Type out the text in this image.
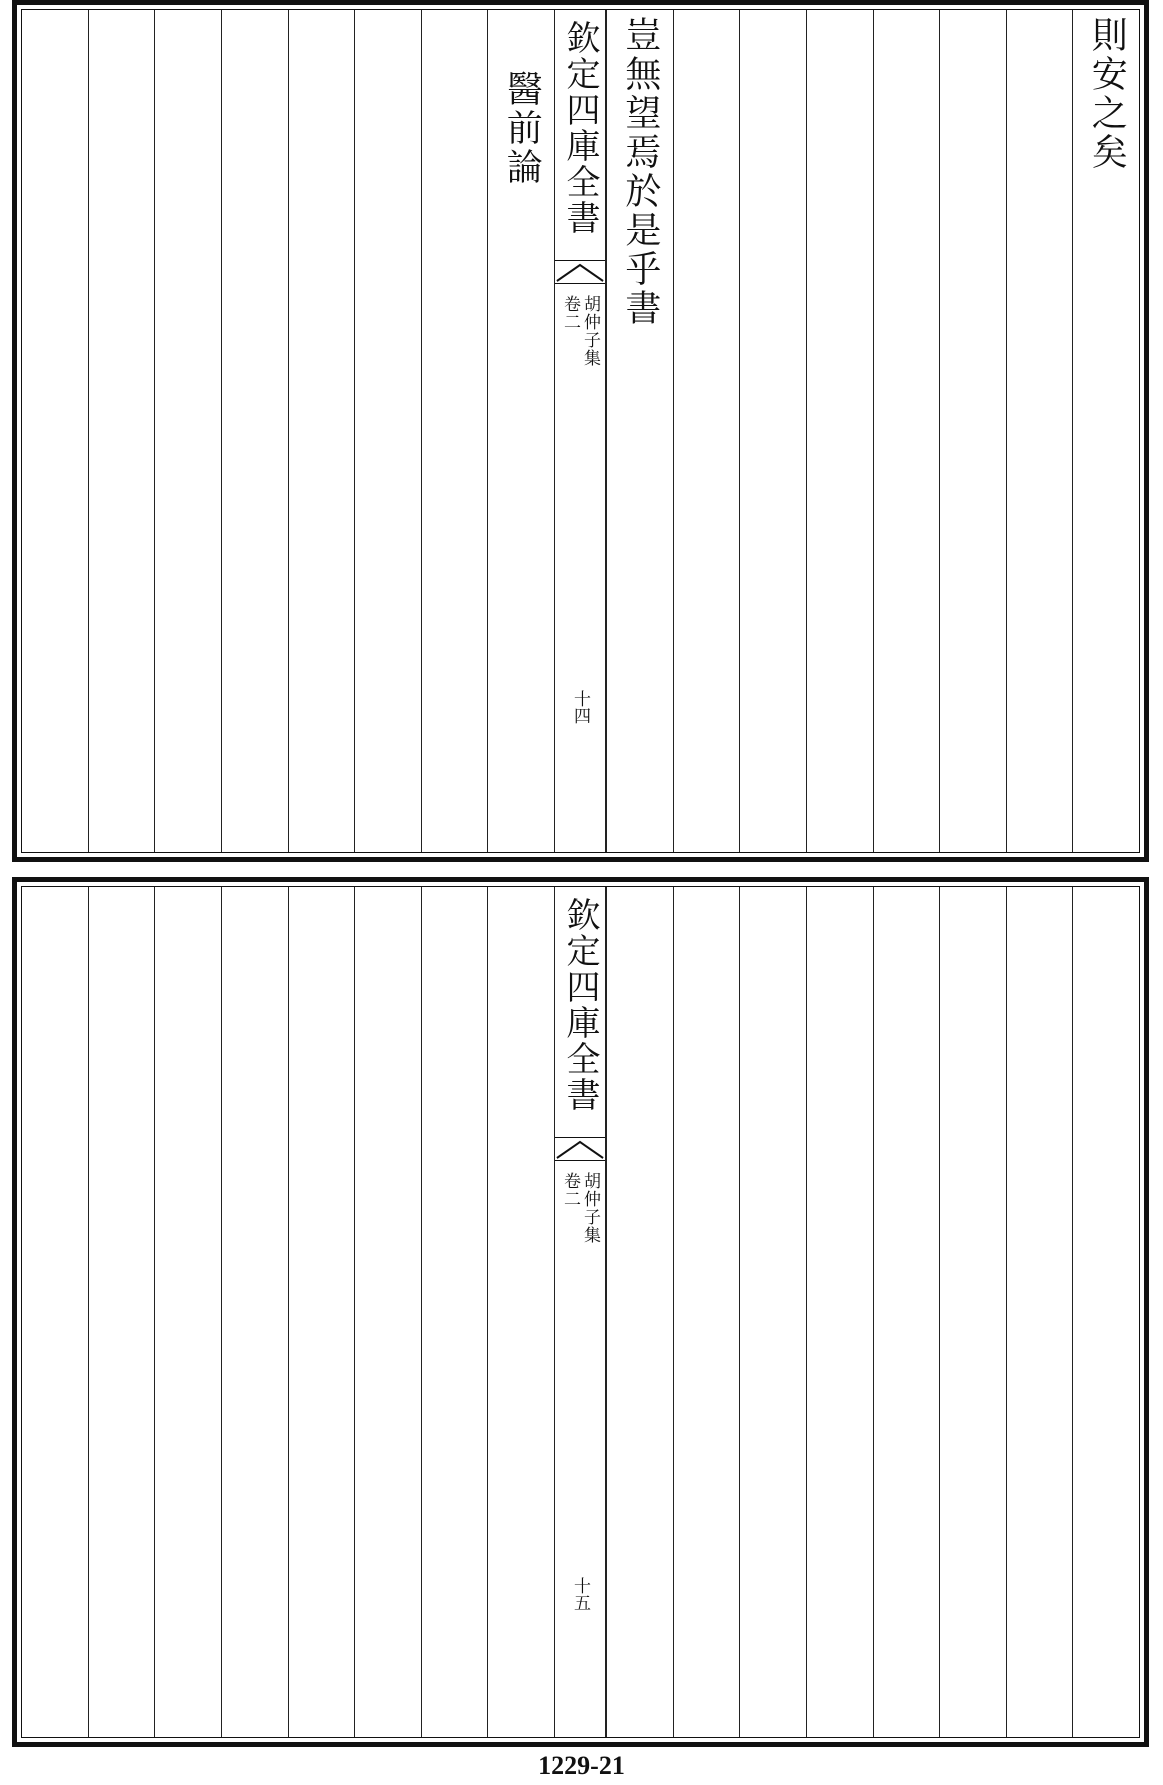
則安之矣
豈無望焉於是乎書
欽定四庫全書
胡仲子集
卷二
十四
醫前論
欽定四庫全書
胡仲子集
卷二
十五
1229-21
